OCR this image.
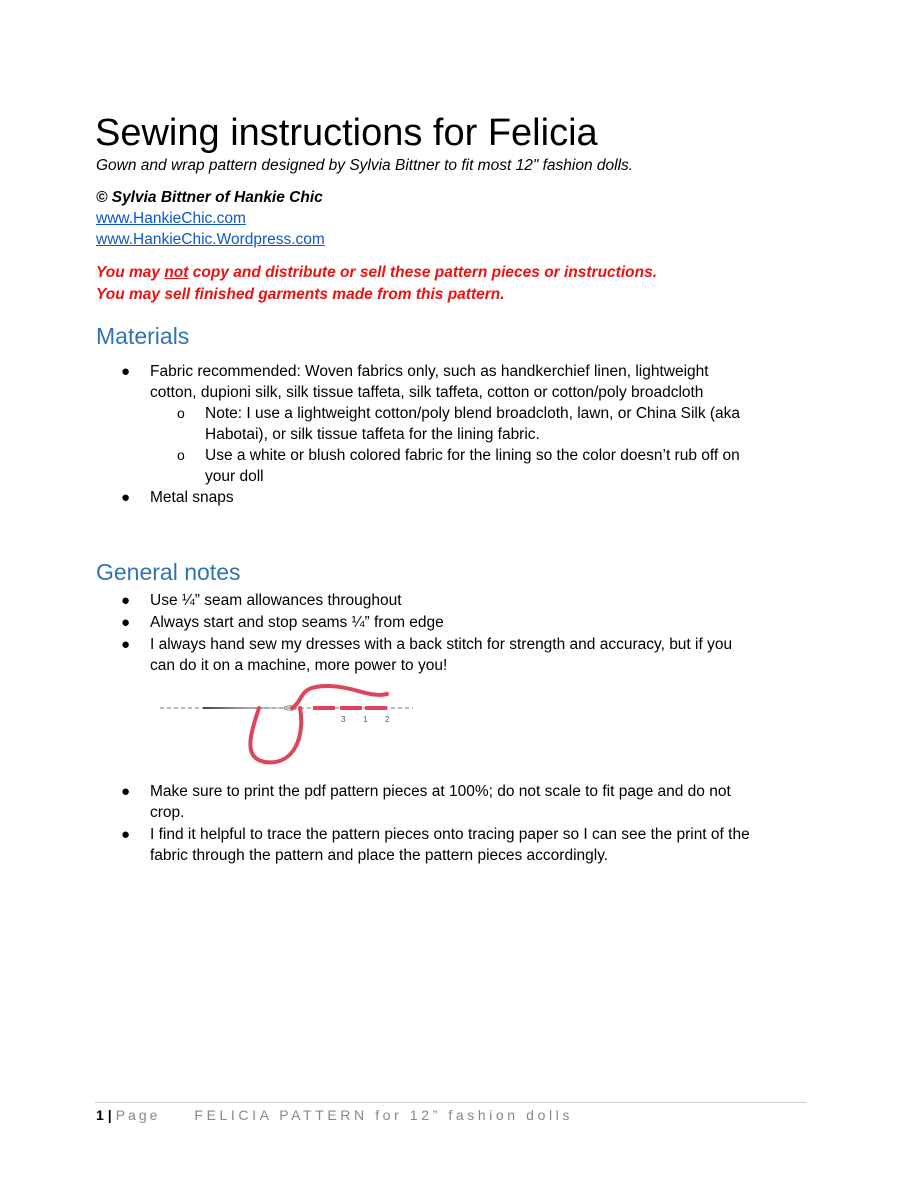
Sewing instructions for Felicia
Gown and wrap pattern designed by Sylvia Bittner to fit most 12" fashion dolls.
© Sylvia Bittner of Hankie Chic
www.HankieChic.com
www.HankieChic.Wordpress.com
You may not copy and distribute or sell these pattern pieces or instructions.
You may sell finished garments made from this pattern.
Materials
● Fabric recommended: Woven fabrics only, such as handkerchief linen, lightweight
cotton, dupioni silk, silk tissue taffeta, silk taffeta, cotton or cotton/poly broadcloth
o Note: I use a lightweight cotton/poly blend broadcloth, lawn, or China Silk (aka
Habotai), or silk tissue taffeta for the lining fabric.
o Use a white or blush colored fabric for the lining so the color doesn’t rub off on
your doll
● Metal snaps
General notes
● Use ¼” seam allowances throughout
● Always start and stop seams ¼” from edge
● I always hand sew my dresses with a back stitch for strength and accuracy, but if you
can do it on a machine, more power to you!
3 1 2
● Make sure to print the pdf pattern pieces at 100%; do not scale to fit page and do not
crop.
● I find it helpful to trace the pattern pieces onto tracing paper so I can see the print of the
fabric through the pattern and place the pattern pieces accordingly.
1 | Page FELICIA PATTERN for 12” fashion dolls
